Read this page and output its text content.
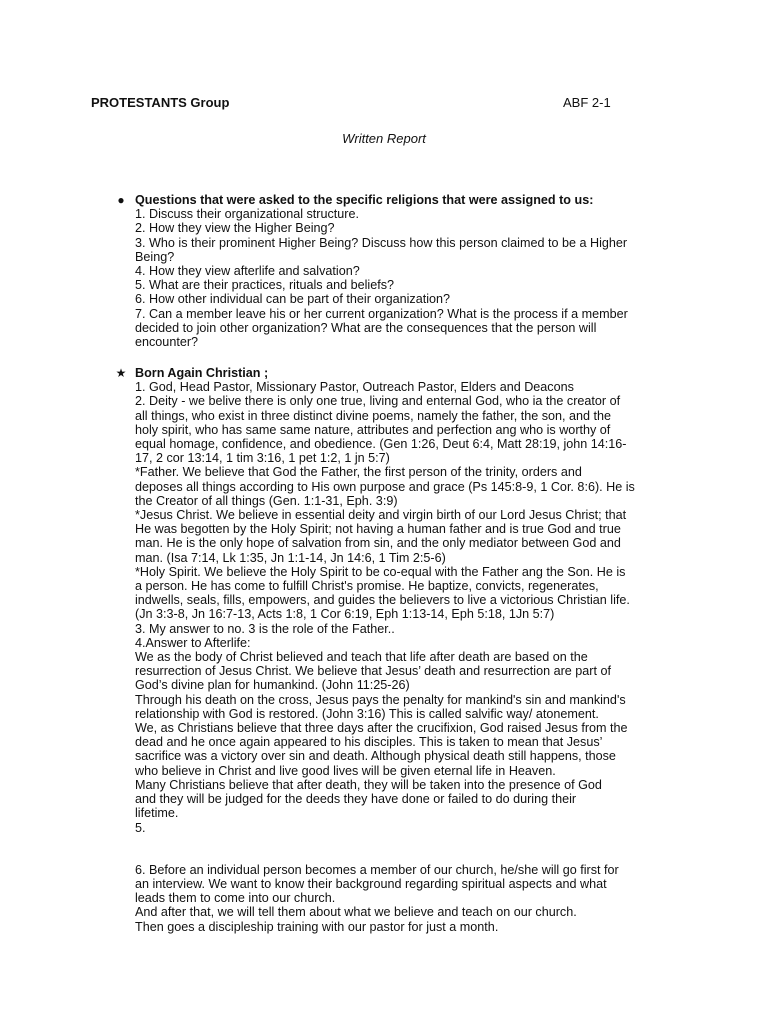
PROTESTANTS Group	ABF 2-1
Written Report
● Questions that were asked to the specific religions that were assigned to us:
1. Discuss their organizational structure.
2. How they view the Higher Being?
3. Who is their prominent Higher Being? Discuss how this person claimed to be a Higher
Being?
4. How they view afterlife and salvation?
5. What are their practices, rituals and beliefs?
6. How other individual can be part of their organization?
7. Can a member leave his or her current organization? What is the process if a member
decided to join other organization? What are the consequences that the person will
encounter?
★ Born Again Christian ;
1. God, Head Pastor, Missionary Pastor, Outreach Pastor, Elders and Deacons
2. Deity - we belive there is only one true, living and enternal God, who ia the creator of
all things, who exist in three distinct divine poems, namely the father, the son, and the
holy spirit, who has same same nature, attributes and perfection ang who is worthy of
equal homage, confidence, and obedience. (Gen 1:26, Deut 6:4, Matt 28:19, john 14:16-
17, 2 cor 13:14, 1 tim 3:16, 1 pet 1:2, 1 jn 5:7)
*Father. We believe that God the Father, the first person of the trinity, orders and
deposes all things according to His own purpose and grace (Ps 145:8-9, 1 Cor. 8:6). He is
the Creator of all things (Gen. 1:1-31, Eph. 3:9)
*Jesus Christ. We believe in essential deity and virgin birth of our Lord Jesus Christ; that
He was begotten by the Holy Spirit; not having a human father and is true God and true
man. He is the only hope of salvation from sin, and the only mediator between God and
man. (Isa 7:14, Lk 1:35, Jn 1:1-14, Jn 14:6, 1 Tim 2:5-6)
*Holy Spirit. We believe the Holy Spirit to be co-equal with the Father ang the Son. He is
a person. He has come to fulfill Christ's promise. He baptize, convicts, regenerates,
indwells, seals, fills, empowers, and guides the believers to live a victorious Christian life.
(Jn 3:3-8, Jn 16:7-13, Acts 1:8, 1 Cor 6:19, Eph 1:13-14, Eph 5:18, 1Jn 5:7)
3. My answer to no. 3 is the role of the Father..
4.Answer to Afterlife:
We as the body of Christ believed and teach that life after death are based on the
resurrection of Jesus Christ. We believe that Jesus’ death and resurrection are part of
God’s divine plan for humankind. (John 11:25-26)
Through his death on the cross, Jesus pays the penalty for mankind's sin and mankind's
relationship with God is restored. (John 3:16) This is called salvific way/ atonement.
We, as Christians believe that three days after the crucifixion, God raised Jesus from the
dead and he once again appeared to his disciples. This is taken to mean that Jesus’
sacrifice was a victory over sin and death. Although physical death still happens, those
who believe in Christ and live good lives will be given eternal life in Heaven.
Many Christians believe that after death, they will be taken into the presence of God
and they will be judged for the deeds they have done or failed to do during their
lifetime.
5.
6. Before an individual person becomes a member of our church, he/she will go first for
an interview. We want to know their background regarding spiritual aspects and what
leads them to come into our church.
And after that, we will tell them about what we believe and teach on our church.
Then goes a discipleship training with our pastor for just a month.
